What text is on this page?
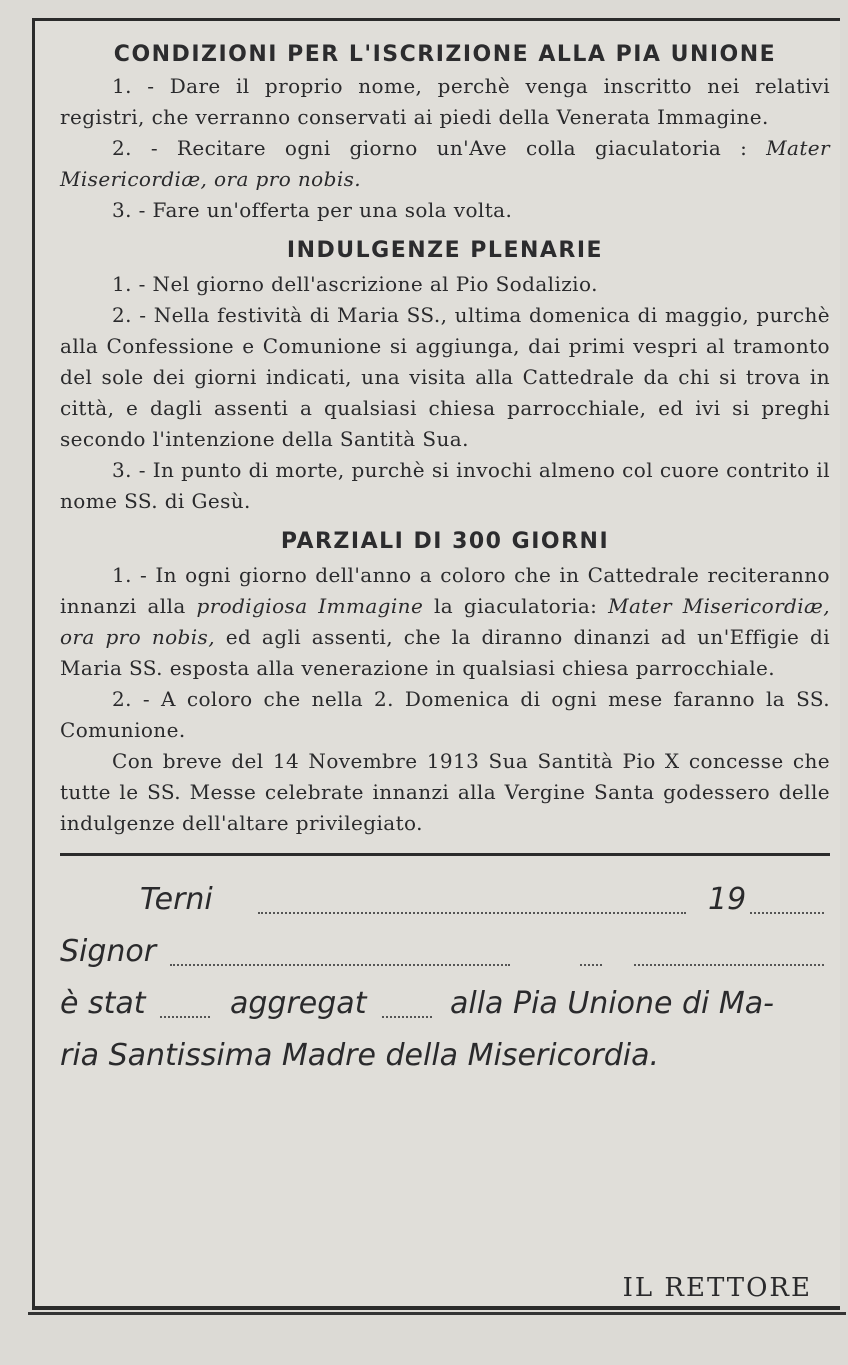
CONDIZIONI PER L'ISCRIZIONE ALLA PIA UNIONE

1. - Dare il proprio nome, perchè venga inscritto nei relativi registri, che verranno conservati ai piedi della Venerata Immagine.

2. - Recitare ogni giorno un'Ave colla giaculatoria : Mater Misericordiæ, ora pro nobis.

3. - Fare un'offerta per una sola volta.

INDULGENZE PLENARIE

1. - Nel giorno dell'ascrizione al Pio Sodalizio.

2. - Nella festività di Maria SS., ultima domenica di maggio, purchè alla Confessione e Comunione si aggiunga, dai primi vespri al tramonto del sole dei giorni indicati, una visita alla Cattedrale da chi si trova in città, e dagli assenti a qualsiasi chiesa parrocchiale, ed ivi si preghi secondo l'intenzione della Santità Sua.

3. - In punto di morte, purchè si invochi almeno col cuore contrito il nome SS. di Gesù.

PARZIALI DI 300 GIORNI

1. - In ogni giorno dell'anno a coloro che in Cattedrale reciteranno innanzi alla prodigiosa Immagine la giaculatoria: Mater Misericordiæ, ora pro nobis, ed agli assenti, che la diranno dinanzi ad un'Effigie di Maria SS. esposta alla venerazione in qualsiasi chiesa parrocchiale.

2. - A coloro che nella 2. Domenica di ogni mese faranno la SS. Comunione.

Con breve del 14 Novembre 1913 Sua Santità Pio X concesse che tutte le SS. Messe celebrate innanzi alla Vergine Santa godessero delle indulgenze dell'altare privilegiato.

Terni	19
Signor
è stat	aggregat	alla Pia Unione di Ma-
ria Santissima Madre della Misericordia.
IL RETTORE
